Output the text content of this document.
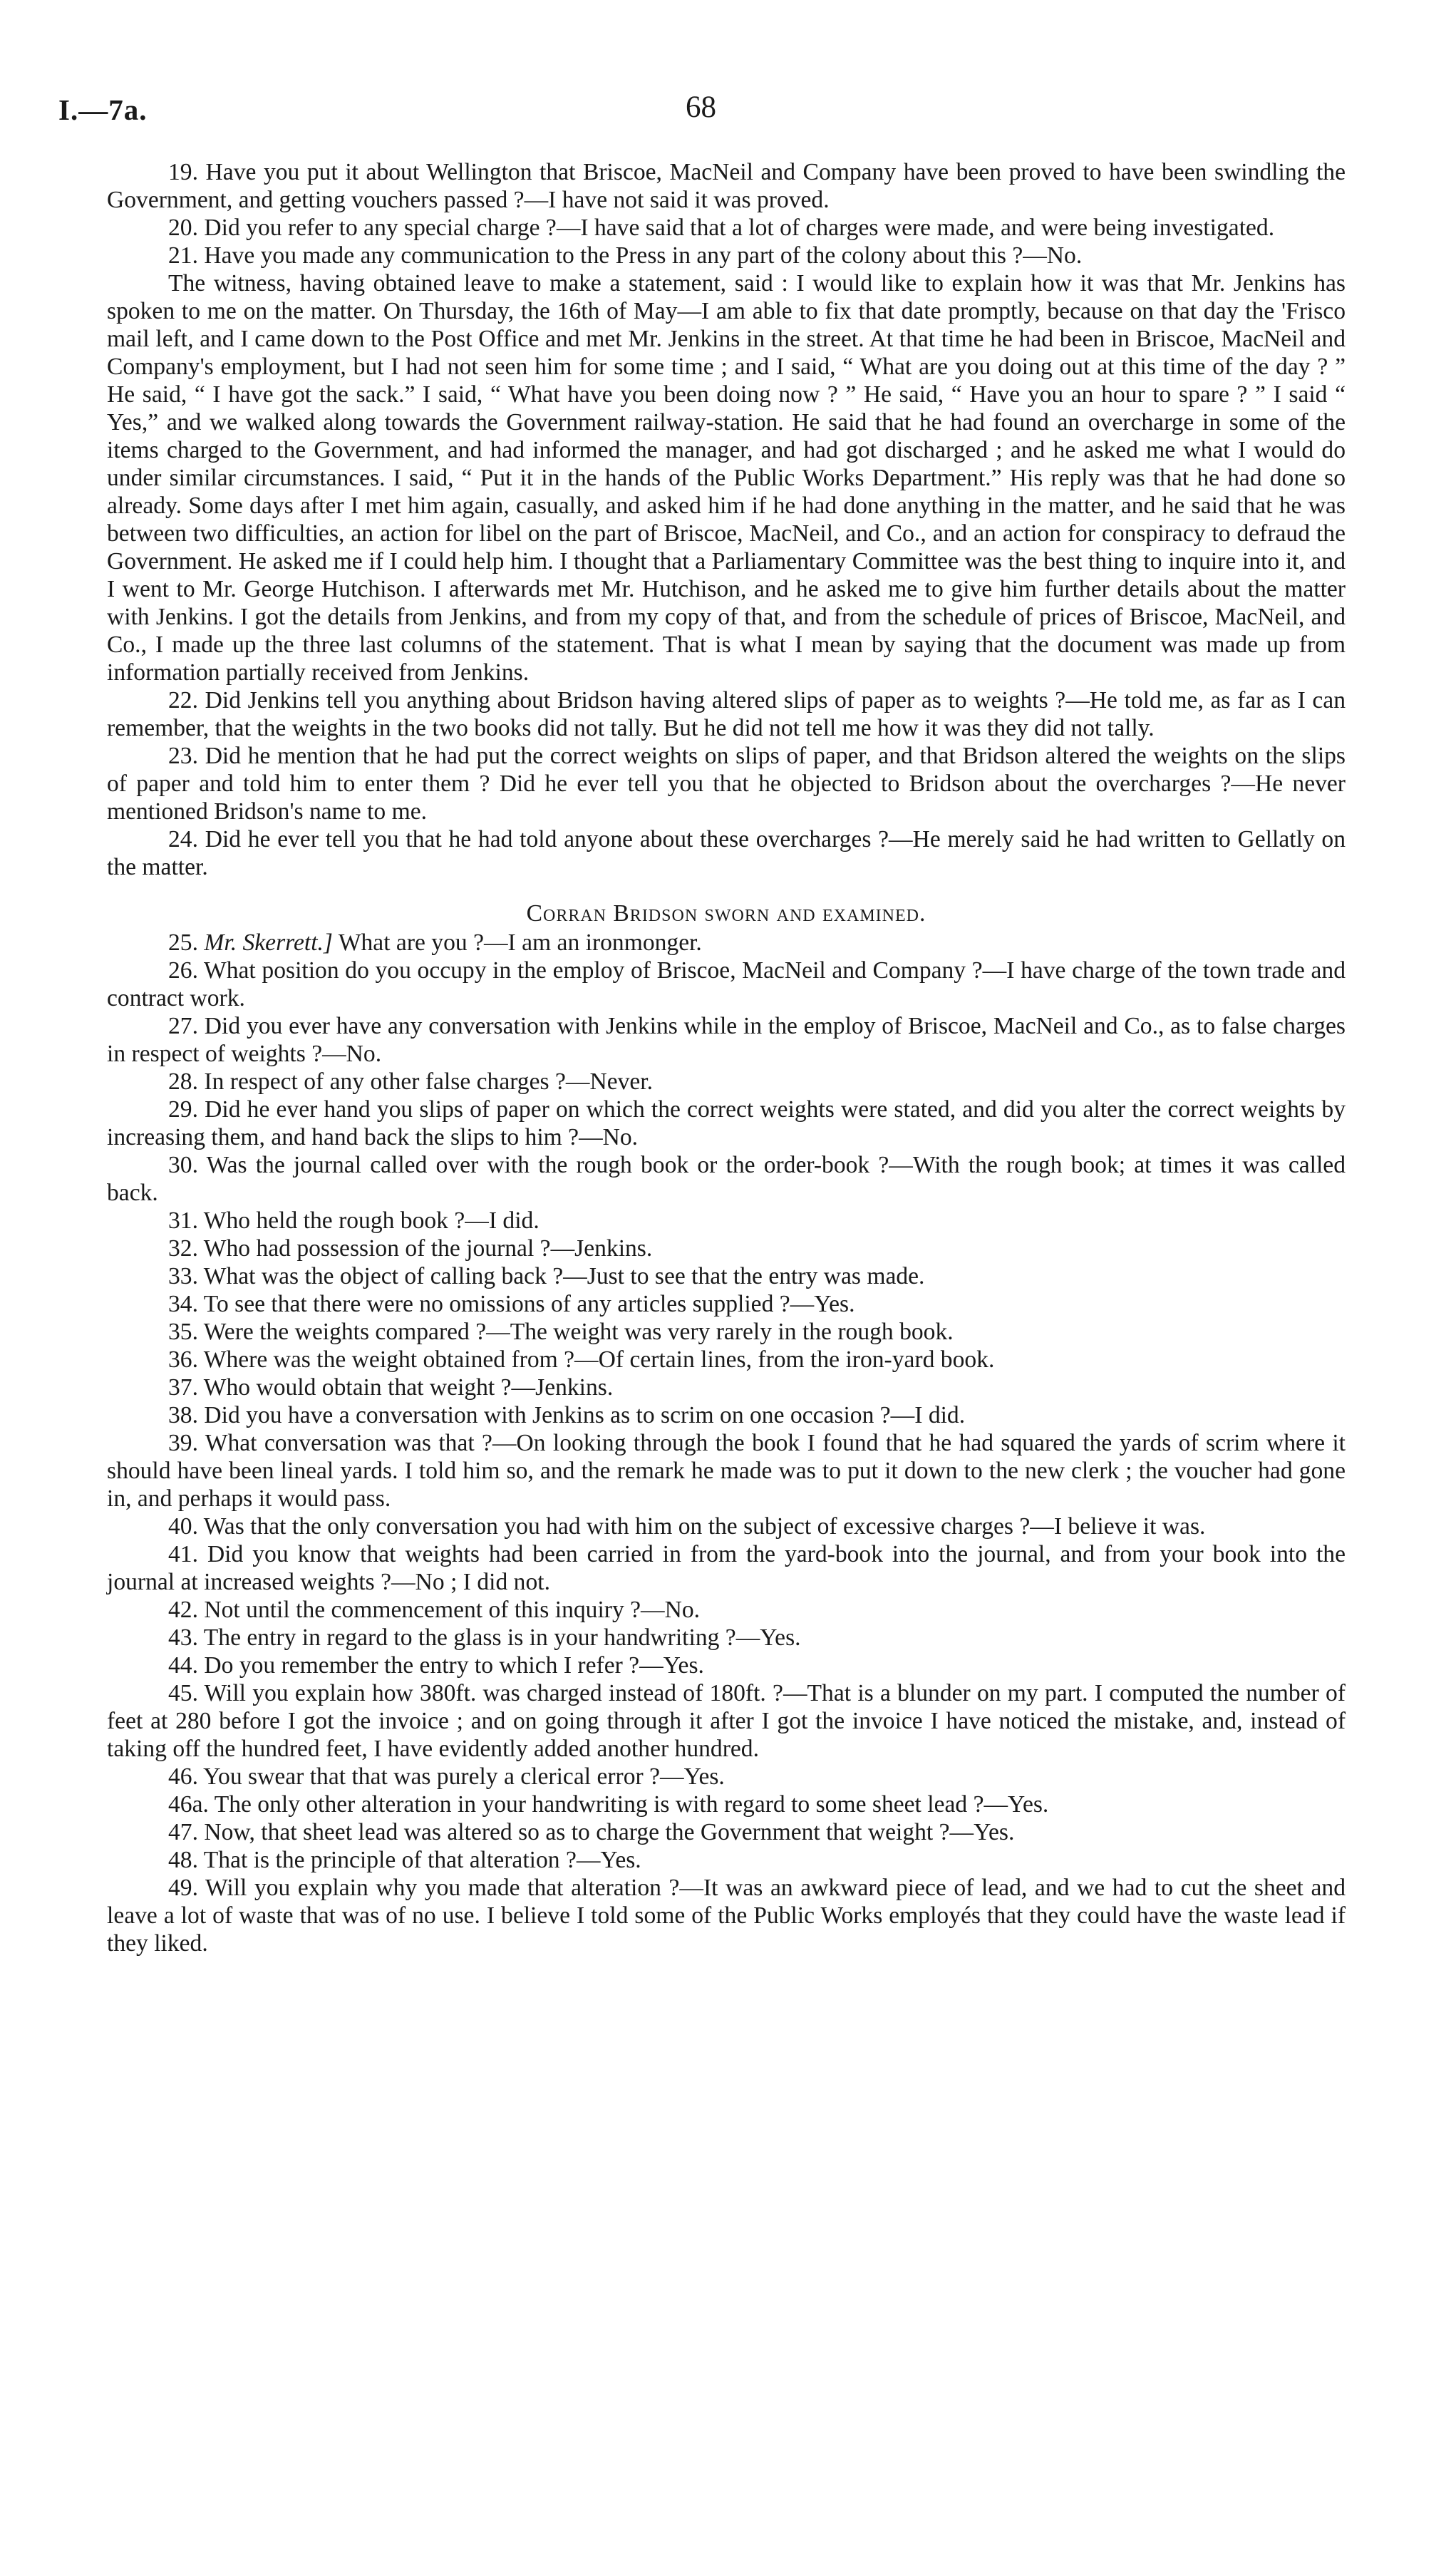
I.—7a.	68

19. Have you put it about Wellington that Briscoe, MacNeil and Company have been proved to have been swindling the Government, and getting vouchers passed ?—I have not said it was proved.

20. Did you refer to any special charge ?—I have said that a lot of charges were made, and were being investigated.

21. Have you made any communication to the Press in any part of the colony about this ?—No.

The witness, having obtained leave to make a statement, said : I would like to explain how it was that Mr. Jenkins has spoken to me on the matter. On Thursday, the 16th of May—I am able to fix that date promptly, because on that day the 'Frisco mail left, and I came down to the Post Office and met Mr. Jenkins in the street. At that time he had been in Briscoe, MacNeil and Company's employment, but I had not seen him for some time ; and I said, “ What are you doing out at this time of the day ? ” He said, “ I have got the sack.” I said, “ What have you been doing now ? ” He said, “ Have you an hour to spare ? ” I said “ Yes,” and we walked along towards the Government railway-station. He said that he had found an overcharge in some of the items charged to the Government, and had informed the manager, and had got discharged ; and he asked me what I would do under similar circumstances. I said, “ Put it in the hands of the Public Works Department.” His reply was that he had done so already. Some days after I met him again, casually, and asked him if he had done anything in the matter, and he said that he was between two difficulties, an action for libel on the part of Briscoe, MacNeil, and Co., and an action for conspiracy to defraud the Government. He asked me if I could help him. I thought that a Parliamentary Committee was the best thing to inquire into it, and I went to Mr. George Hutchison. I afterwards met Mr. Hutchison, and he asked me to give him further details about the matter with Jenkins. I got the details from Jenkins, and from my copy of that, and from the schedule of prices of Briscoe, MacNeil, and Co., I made up the three last columns of the statement. That is what I mean by saying that the document was made up from information partially received from Jenkins.

22. Did Jenkins tell you anything about Bridson having altered slips of paper as to weights ?—He told me, as far as I can remember, that the weights in the two books did not tally. But he did not tell me how it was they did not tally.

23. Did he mention that he had put the correct weights on slips of paper, and that Bridson altered the weights on the slips of paper and told him to enter them ? Did he ever tell you that he objected to Bridson about the overcharges ?—He never mentioned Bridson's name to me.

24. Did he ever tell you that he had told anyone about these overcharges ?—He merely said he had written to Gellatly on the matter.

Corran Bridson sworn and examined.

25. Mr. Skerrett.] What are you ?—I am an ironmonger.

26. What position do you occupy in the employ of Briscoe, MacNeil and Company ?—I have charge of the town trade and contract work.

27. Did you ever have any conversation with Jenkins while in the employ of Briscoe, MacNeil and Co., as to false charges in respect of weights ?—No.

28. In respect of any other false charges ?—Never.

29. Did he ever hand you slips of paper on which the correct weights were stated, and did you alter the correct weights by increasing them, and hand back the slips to him ?—No.

30. Was the journal called over with the rough book or the order-book ?—With the rough book; at times it was called back.

31. Who held the rough book ?—I did.

32. Who had possession of the journal ?—Jenkins.

33. What was the object of calling back ?—Just to see that the entry was made.

34. To see that there were no omissions of any articles supplied ?—Yes.

35. Were the weights compared ?—The weight was very rarely in the rough book.

36. Where was the weight obtained from ?—Of certain lines, from the iron-yard book.

37. Who would obtain that weight ?—Jenkins.

38. Did you have a conversation with Jenkins as to scrim on one occasion ?—I did.

39. What conversation was that ?—On looking through the book I found that he had squared the yards of scrim where it should have been lineal yards. I told him so, and the remark he made was to put it down to the new clerk ; the voucher had gone in, and perhaps it would pass.

40. Was that the only conversation you had with him on the subject of excessive charges ?—I believe it was.

41. Did you know that weights had been carried in from the yard-book into the journal, and from your book into the journal at increased weights ?—No ; I did not.

42. Not until the commencement of this inquiry ?—No.

43. The entry in regard to the glass is in your handwriting ?—Yes.

44. Do you remember the entry to which I refer ?—Yes.

45. Will you explain how 380ft. was charged instead of 180ft. ?—That is a blunder on my part. I computed the number of feet at 280 before I got the invoice ; and on going through it after I got the invoice I have noticed the mistake, and, instead of taking off the hundred feet, I have evidently added another hundred.

46. You swear that that was purely a clerical error ?—Yes.

46a. The only other alteration in your handwriting is with regard to some sheet lead ?—Yes.

47. Now, that sheet lead was altered so as to charge the Government that weight ?—Yes.

48. That is the principle of that alteration ?—Yes.

49. Will you explain why you made that alteration ?—It was an awkward piece of lead, and we had to cut the sheet and leave a lot of waste that was of no use. I believe I told some of the Public Works employés that they could have the waste lead if they liked.
